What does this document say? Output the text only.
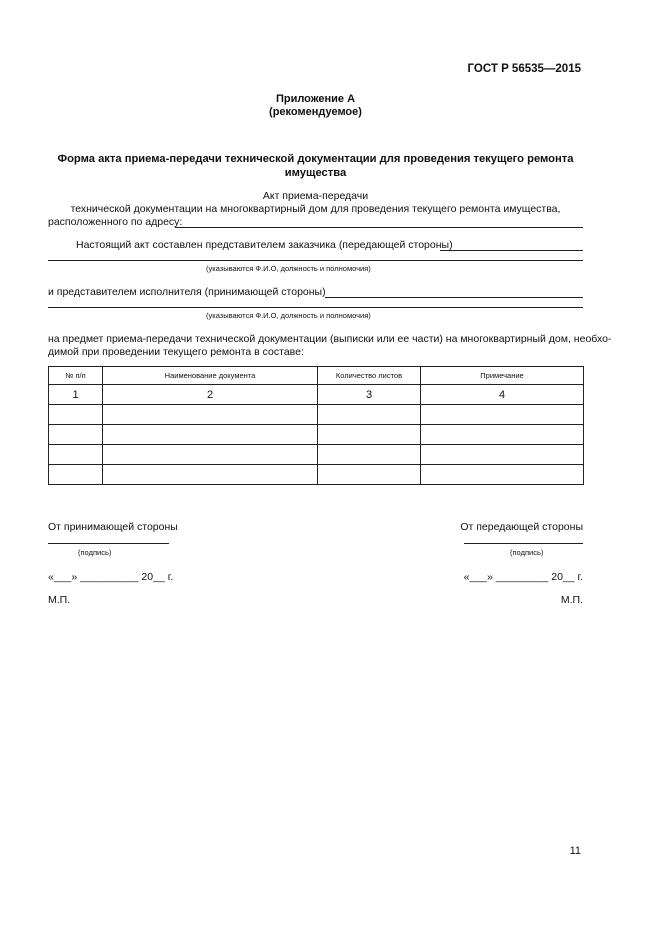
ГОСТ Р 56535—2015
Приложение А
(рекомендуемое)
Форма акта приема-передачи технической документации для проведения текущего ремонта
имущества
Акт приема-передачи
технической документации на многоквартирный дом для проведения текущего ремонта имущества,
расположенного по адресу:
Настоящий акт составлен представителем заказчика (передающей стороны)
(указываются Ф.И.О, должность и полномочия)
и представителем исполнителя (принимающей стороны)
(указываются Ф.И.О, должность и полномочия)
на предмет приема-передачи технической документации (выписки или ее части) на многоквартирный дом, необхо-
димой при проведении текущего ремонта в составе:
№ п/п	Наименование документа	Количество листов	Примечание
1	2	3	4

От принимающей стороны
(подпись)
«___» __________ 20__ г.
М.П.
От передающей стороны
(подпись)
«___» _________ 20__ г.
М.П.
11
